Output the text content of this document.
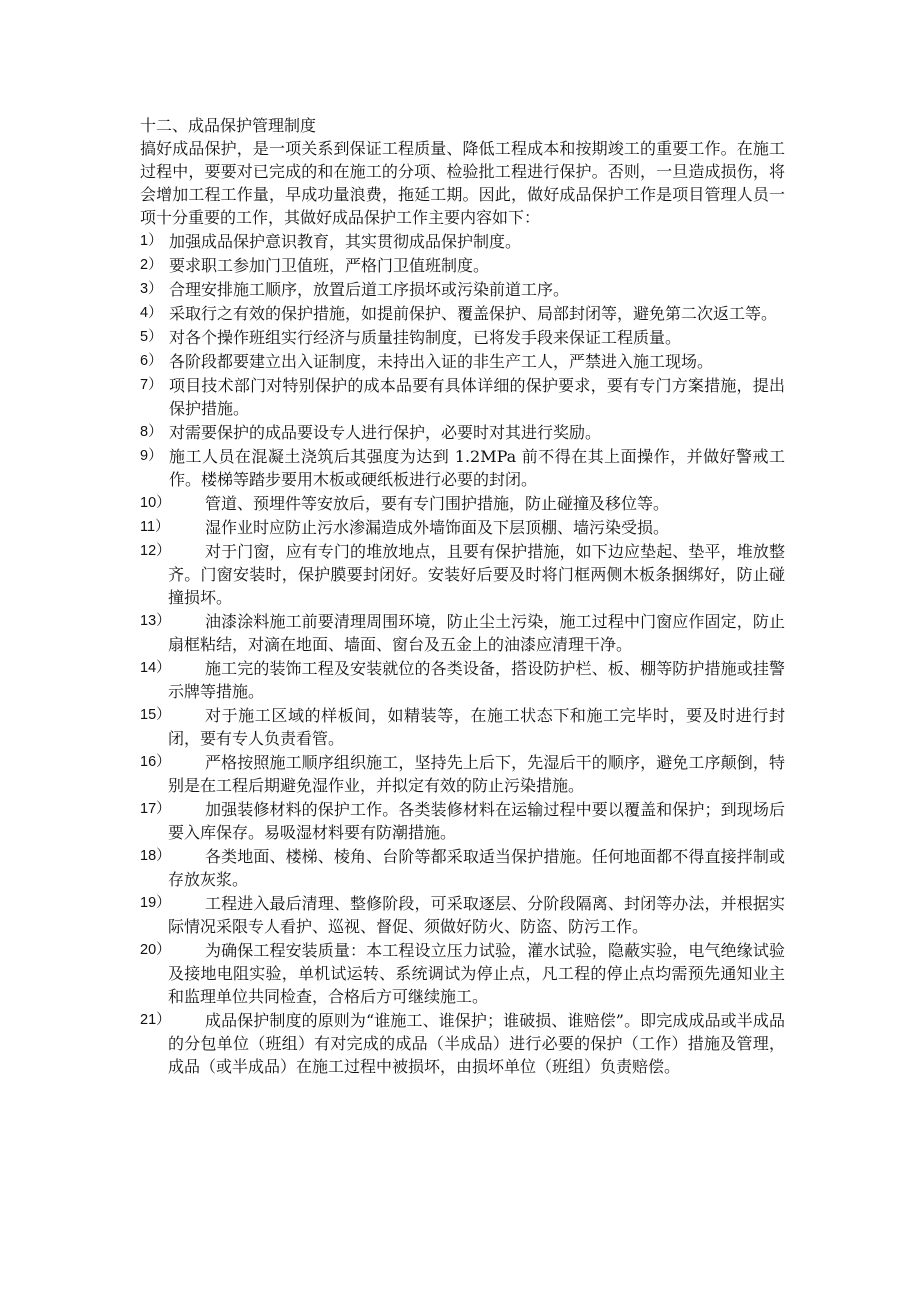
十二、成品保护管理制度

搞好成品保护，是一项关系到保证工程质量、降低工程成本和按期竣工的重要工作。在施工过程中，要要对已完成的和在施工的分项、检验批工程进行保护。否则，一旦造成损伤，将会增加工程工作量，早成功量浪费，拖延工期。因此，做好成品保护工作是项目管理人员一项十分重要的工作，其做好成品保护工作主要内容如下：

1） 加强成品保护意识教育，其实贯彻成品保护制度。
2） 要求职工参加门卫值班，严格门卫值班制度。
3） 合理安排施工顺序，放置后道工序损坏或污染前道工序。
4） 采取行之有效的保护措施，如提前保护、覆盖保护、局部封闭等，避免第二次返工等。
5） 对各个操作班组实行经济与质量挂钩制度，已将发手段来保证工程质量。
6） 各阶段都要建立出入证制度，未持出入证的非生产工人，严禁进入施工现场。
7） 项目技术部门对特别保护的成本品要有具体详细的保护要求，要有专门方案措施，提出保护措施。
8） 对需要保护的成品要设专人进行保护，必要时对其进行奖励。
9） 施工人员在混凝土浇筑后其强度为达到 1.2MPa 前不得在其上面操作，并做好警戒工作。楼梯等踏步要用木板或硬纸板进行必要的封闭。
10）	管道、预埋件等安放后，要有专门围护措施，防止碰撞及移位等。
11）	湿作业时应防止污水渗漏造成外墙饰面及下层顶棚、墙污染受损。
12）	对于门窗，应有专门的堆放地点，且要有保护措施，如下边应垫起、垫平，堆放整齐。门窗安装时，保护膜要封闭好。安装好后要及时将门框两侧木板条捆绑好，防止碰撞损坏。
13）	油漆涂料施工前要清理周围环境，防止尘土污染，施工过程中门窗应作固定，防止扇框粘结，对滴在地面、墙面、窗台及五金上的油漆应清理干净。
14）	施工完的装饰工程及安装就位的各类设备，搭设防护栏、板、棚等防护措施或挂警示牌等措施。
15）	对于施工区域的样板间，如精装等，在施工状态下和施工完毕时，要及时进行封闭，要有专人负责看管。
16）	严格按照施工顺序组织施工，坚持先上后下，先湿后干的顺序，避免工序颠倒，特别是在工程后期避免湿作业，并拟定有效的防止污染措施。
17）	加强装修材料的保护工作。各类装修材料在运输过程中要以覆盖和保护；到现场后要入库保存。易吸湿材料要有防潮措施。
18）	各类地面、楼梯、棱角、台阶等都采取适当保护措施。任何地面都不得直接拌制或存放灰浆。
19）	工程进入最后清理、整修阶段，可采取逐层、分阶段隔离、封闭等办法，并根据实际情况采限专人看护、巡视、督促、须做好防火、防盗、防污工作。
20）	为确保工程安装质量：本工程设立压力试验，灌水试验，隐蔽实验，电气绝缘试验及接地电阻实验，单机试运转、系统调试为停止点，凡工程的停止点均需预先通知业主和监理单位共同检查，合格后方可继续施工。
21）	成品保护制度的原则为“谁施工、谁保护；谁破损、谁赔偿”。即完成成品或半成品的分包单位（班组）有对完成的成品（半成品）进行必要的保护（工作）措施及管理，成品（或半成品）在施工过程中被损坏，由损坏单位（班组）负责赔偿。
